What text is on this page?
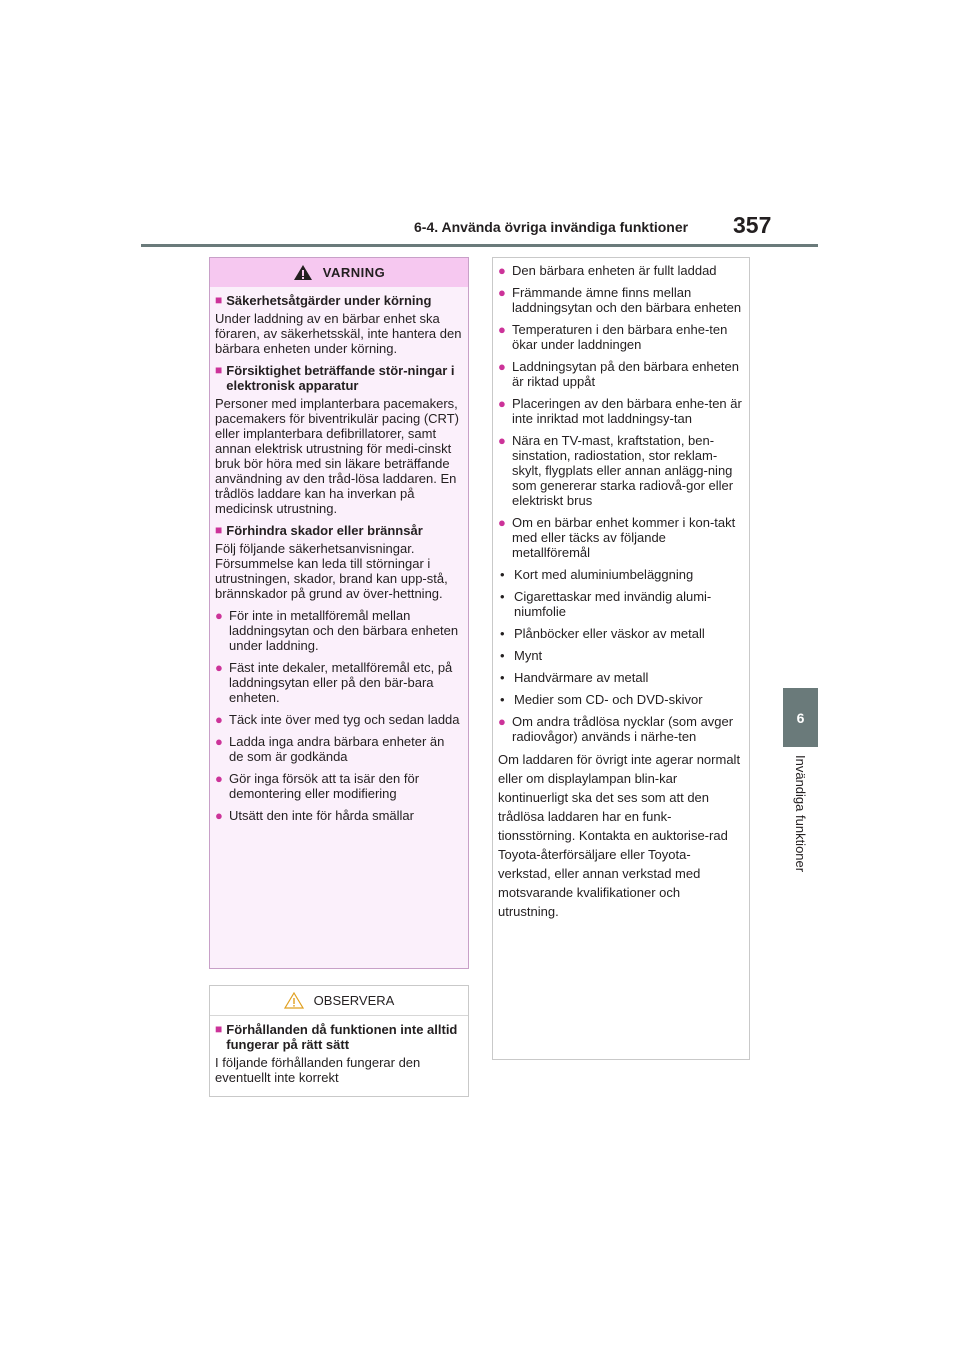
6-4. Använda övriga invändiga funktioner 357
6
Invändiga funktioner
VARNING
■ Säkerhetsåtgärder under körning
Under laddning av en bärbar enhet ska föraren, av säkerhetsskäl, inte hantera den bärbara enheten under körning.
■ Försiktighet beträffande stör-ningar i elektronisk apparatur
Personer med implanterbara pacemakers, pacemakers för biventrikulär pacing (CRT) eller implanterbara defibrillatorer, samt annan elektrisk utrustning för medi-cinskt bruk bör höra med sin läkare beträffande användning av den tråd-lösa laddaren. En trådlös laddare kan ha inverkan på medicinsk utrustning.
■ Förhindra skador eller brännsår
Följ följande säkerhetsanvisningar. Försummelse kan leda till störningar i utrustningen, skador, brand kan upp-stå, brännskador på grund av över-hettning.
● För inte in metallföremål mellan laddningsytan och den bärbara enheten under laddning.
● Fäst inte dekaler, metallföremål etc, på laddningsytan eller på den bär-bara enheten.
● Täck inte över med tyg och sedan ladda
● Ladda inga andra bärbara enheter än de som är godkända
● Gör inga försök att ta isär den för demontering eller modifiering
● Utsätt den inte för hårda smällar
OBSERVERA
■ Förhållanden då funktionen inte alltid fungerar på rätt sätt
I följande förhållanden fungerar den eventuellt inte korrekt
● Den bärbara enheten är fullt laddad
● Främmande ämne finns mellan laddningsytan och den bärbara enheten
● Temperaturen i den bärbara enhe-ten ökar under laddningen
● Laddningsytan på den bärbara enheten är riktad uppåt
● Placeringen av den bärbara enhe-ten är inte inriktad mot laddningsy-tan
● Nära en TV-mast, kraftstation, ben-sinstation, radiostation, stor reklam-skylt, flygplats eller annan anlägg-ning som genererar starka radiovå-gor eller elektriskt brus
● Om en bärbar enhet kommer i kon-takt med eller täcks av följande metallföremål
• Kort med aluminiumbeläggning
• Cigarettaskar med invändig alumi-niumfolie
• Plånböcker eller väskor av metall
• Mynt
• Handvärmare av metall
• Medier som CD- och DVD-skivor
● Om andra trådlösa nycklar (som avger radiovågor) används i närhe-ten
Om laddaren för övrigt inte agerar normalt eller om displaylampan blin-kar kontinuerligt ska det ses som att den trådlösa laddaren har en funk-tionsstörning. Kontakta en auktorise-rad Toyota-återförsäljare eller Toyota-verkstad, eller annan verkstad med motsvarande kvalifikationer och utrustning.
